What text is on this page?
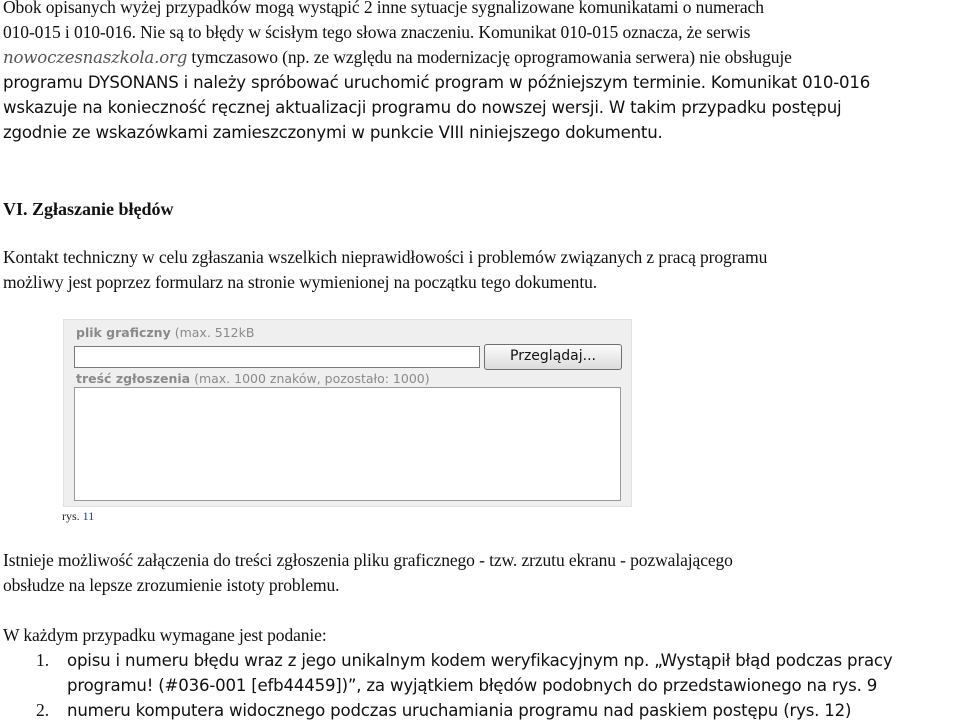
Obok opisanych wyżej przypadków mogą wystąpić 2 inne sytuacje sygnalizowane komunikatami o numerach
010-015 i 010-016. Nie są to błędy w ścisłym tego słowa znaczeniu. Komunikat 010-015 oznacza, że serwis
nowoczesnaszkola.org tymczasowo (np. ze względu na modernizację oprogramowania serwera) nie obsługuje
programu DYSONANS i należy spróbować uruchomić program w późniejszym terminie. Komunikat 010-016
wskazuje na konieczność ręcznej aktualizacji programu do nowszej wersji. W takim przypadku postępuj
zgodnie ze wskazówkami zamieszczonymi w punkcie VIII niniejszego dokumentu.

VI. Zgłaszanie błędów

Kontakt techniczny w celu zgłaszania wszelkich nieprawidłowości i problemów związanych z pracą programu
możliwy jest poprzez formularz na stronie wymienionej na początku tego dokumentu.

plik graficzny (max. 512kB
Przeglądaj...
treść zgłoszenia (max. 1000 znaków, pozostało: 1000)
rys. 11

Istnieje możliwość załączenia do treści zgłoszenia pliku graficznego - tzw. zrzutu ekranu - pozwalającego
obsłudze na lepsze zrozumienie istoty problemu.

W każdym przypadku wymagane jest podanie:

1. opisu i numeru błędu wraz z jego unikalnym kodem weryfikacyjnym np. „Wystąpił błąd podczas pracy
programu! (#036-001 [efb44459])”, za wyjątkiem błędów podobnych do przedstawionego na rys. 9
2. numeru komputera widocznego podczas uruchamiania programu nad paskiem postępu (rys. 12)
